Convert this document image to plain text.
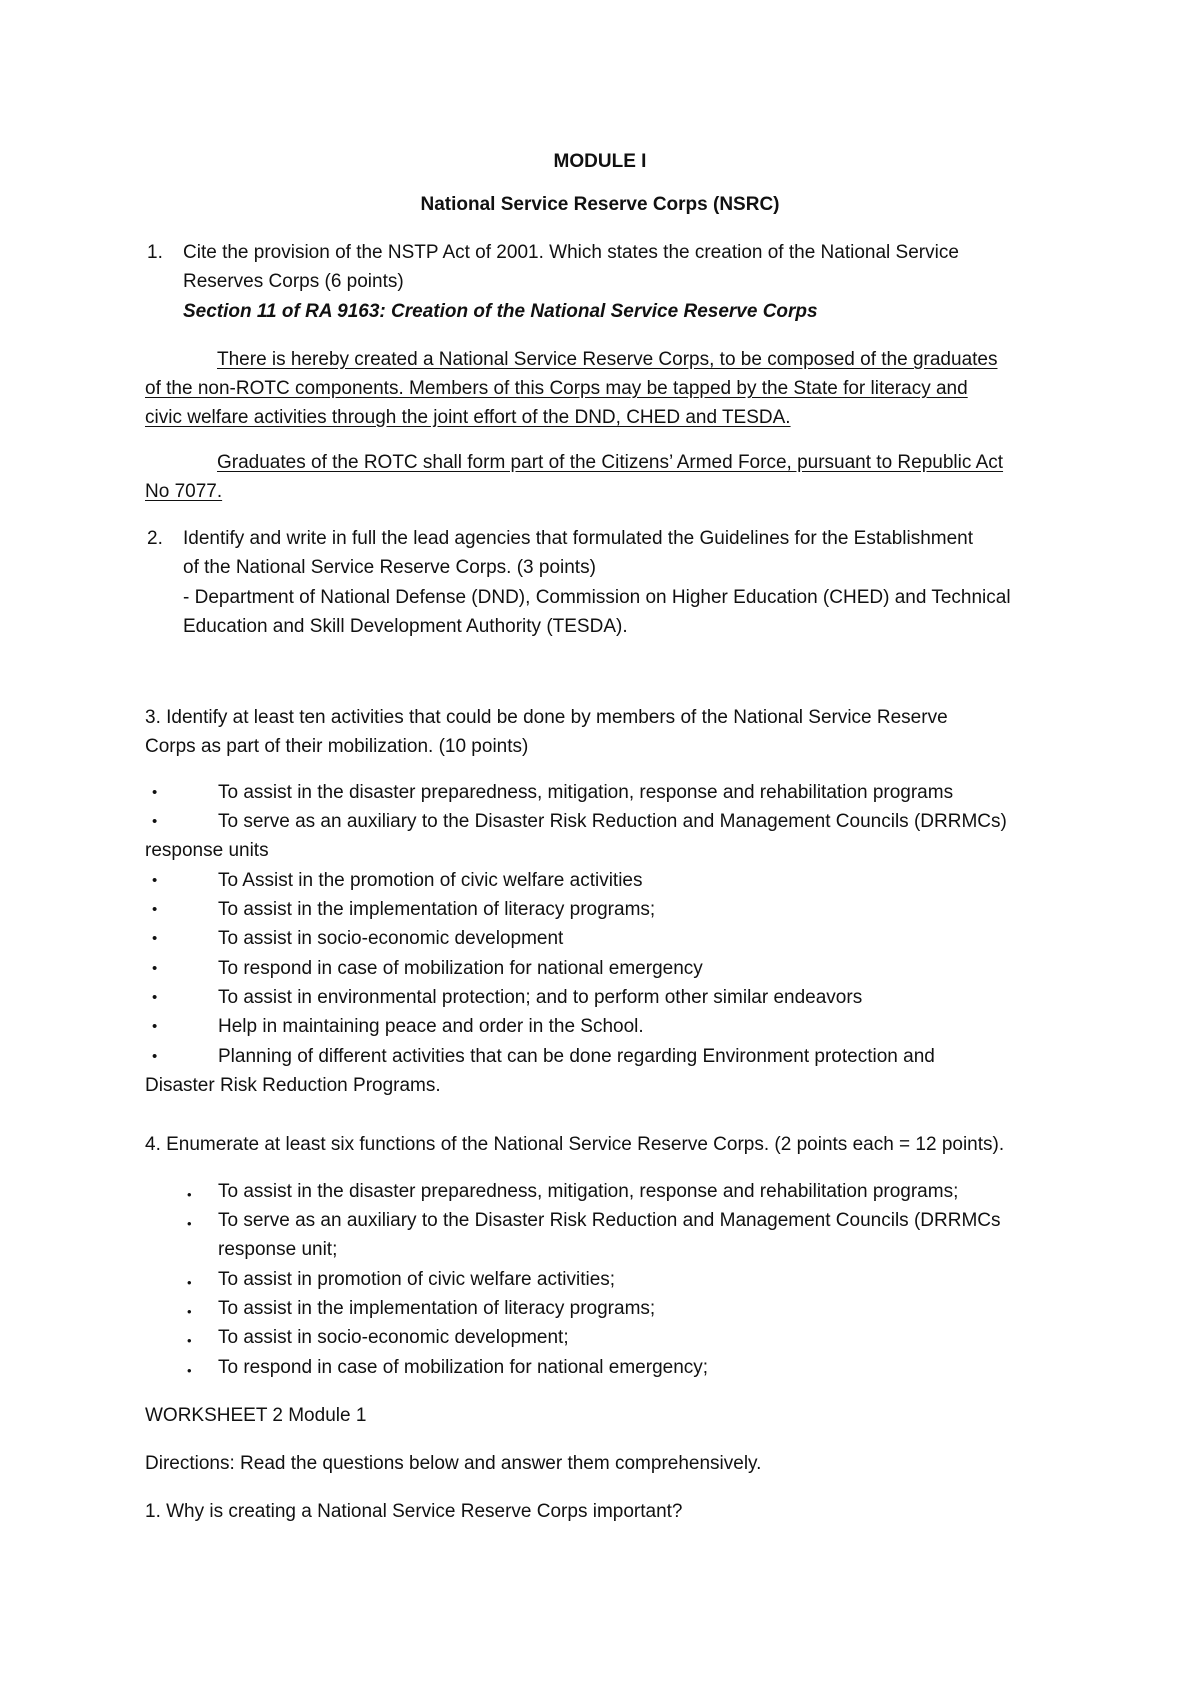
MODULE I

National Service Reserve Corps (NSRC)

1. Cite the provision of the NSTP Act of 2001. Which states the creation of the National Service

Reserves Corps (6 points)

Section 11 of RA 9163: Creation of the National Service Reserve Corps

There is hereby created a National Service Reserve Corps, to be composed of the graduates

of the non-ROTC components. Members of this Corps may be tapped by the State for literacy and

civic welfare activities through the joint effort of the DND, CHED and TESDA.

Graduates of the ROTC shall form part of the Citizens’ Armed Force, pursuant to Republic Act

No 7077.

2. Identify and write in full the lead agencies that formulated the Guidelines for the Establishment

of the National Service Reserve Corps. (3 points)

- Department of National Defense (DND), Commission on Higher Education (CHED) and Technical

Education and Skill Development Authority (TESDA).

3. Identify at least ten activities that could be done by members of the National Service Reserve

Corps as part of their mobilization. (10 points)

•	To assist in the disaster preparedness, mitigation, response and rehabilitation programs

•	To serve as an auxiliary to the Disaster Risk Reduction and Management Councils (DRRMCs)

response units

•	To Assist in the promotion of civic welfare activities

•	To assist in the implementation of literacy programs;

•	To assist in socio-economic development

•	To respond in case of mobilization for national emergency

•	To assist in environmental protection; and to perform other similar endeavors

•	Help in maintaining peace and order in the School.

•	Planning of different activities that can be done regarding Environment protection and

Disaster Risk Reduction Programs.

4. Enumerate at least six functions of the National Service Reserve Corps. (2 points each = 12 points).

• To assist in the disaster preparedness, mitigation, response and rehabilitation programs;

• To serve as an auxiliary to the Disaster Risk Reduction and Management Councils (DRRMCs

response unit;

• To assist in promotion of civic welfare activities;

• To assist in the implementation of literacy programs;

• To assist in socio-economic development;

• To respond in case of mobilization for national emergency;

WORKSHEET 2 Module 1

Directions: Read the questions below and answer them comprehensively.

1. Why is creating a National Service Reserve Corps important?
